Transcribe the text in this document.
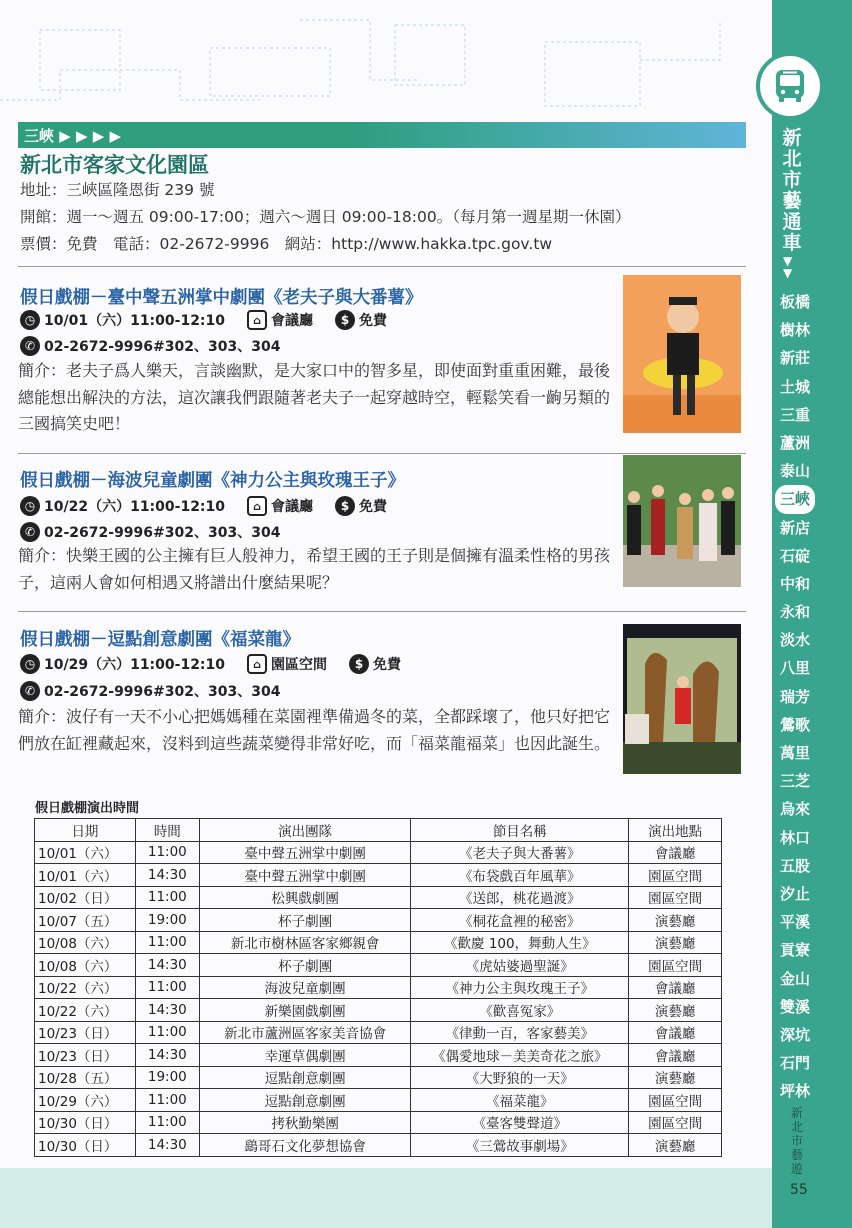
新北市藝通車
▼
▼
板橋
樹林
新莊
土城
三重
蘆洲
泰山
三峽
新店
石碇
中和
永和
淡水
八里
瑞芳
鶯歌
萬里
三芝
烏來
林口
五股
汐止
平溪
貢寮
金山
雙溪
深坑
石門
坪林
新北市藝遊
55
三峽 ▶ ▶ ▶ ▶
新北市客家文化園區
地址：三峽區隆恩街 239 號
開館：週一～週五 09:00-17:00；週六～週日 09:00-18:00。（每月第一週星期一休園）
票價：免費　電話：02-2672-9996　網站：http://www.hakka.tpc.gov.tw
假日戲棚－臺中聲五洲掌中劇團《老夫子與大番薯》
◷ 10/01（六）11:00-12:10	⌂ 會議廳	$ 免費
✆ 02-2672-9996#302、303、304
簡介：老夫子爲人樂天，言談幽默，是大家口中的智多星，即使面對重重困難，最後總能想出解決的方法，這次讓我們跟隨著老夫子一起穿越時空，輕鬆笑看一齣另類的三國搞笑史吧！
假日戲棚－海波兒童劇團《神力公主與玫瑰王子》
◷ 10/22（六）11:00-12:10	⌂ 會議廳	$ 免費
✆ 02-2672-9996#302、303、304
簡介：快樂王國的公主擁有巨人般神力，希望王國的王子則是個擁有溫柔性格的男孩子，這兩人會如何相遇又將譜出什麼結果呢？
假日戲棚－逗點創意劇團《福菜龍》
◷ 10/29（六）11:00-12:10	⌂ 園區空間	$ 免費
✆ 02-2672-9996#302、303、304
簡介：波仔有一天不小心把媽媽種在菜園裡準備過冬的菜，全都踩壞了，他只好把它們放在缸裡藏起來，沒料到這些蔬菜變得非常好吃，而「福菜龍福菜」也因此誕生。
假日戲棚演出時間
日期	時間	演出團隊	節目名稱	演出地點
10/01（六）	11:00	臺中聲五洲掌中劇團	《老夫子與大番薯》	會議廳
10/01（六）	14:30	臺中聲五洲掌中劇團	《布袋戲百年風華》	園區空間
10/02（日）	11:00	松興戲劇團	《送郎，桃花過渡》	園區空間
10/07（五）	19:00	杯子劇團	《桐花盒裡的秘密》	演藝廳
10/08（六）	11:00	新北市樹林區客家鄉親會	《歡慶 100，舞動人生》	演藝廳
10/08（六）	14:30	杯子劇團	《虎姑婆過聖誕》	園區空間
10/22（六）	11:00	海波兒童劇團	《神力公主與玫瑰王子》	會議廳
10/22（六）	14:30	新樂園戲劇團	《歡喜冤家》	演藝廳
10/23（日）	11:00	新北市蘆洲區客家美音協會	《律動一百，客家藝美》	會議廳
10/23（日）	14:30	幸運草偶劇團	《偶愛地球－美美奇花之旅》	會議廳
10/28（五）	19:00	逗點創意劇團	《大野狼的一天》	演藝廳
10/29（六）	11:00	逗點創意劇團	《福菜龍》	園區空間
10/30（日）	11:00	拷秋勤樂團	《臺客雙聲道》	園區空間
10/30（日）	14:30	鷂哥石文化夢想協會	《三鶯故事劇場》	演藝廳
